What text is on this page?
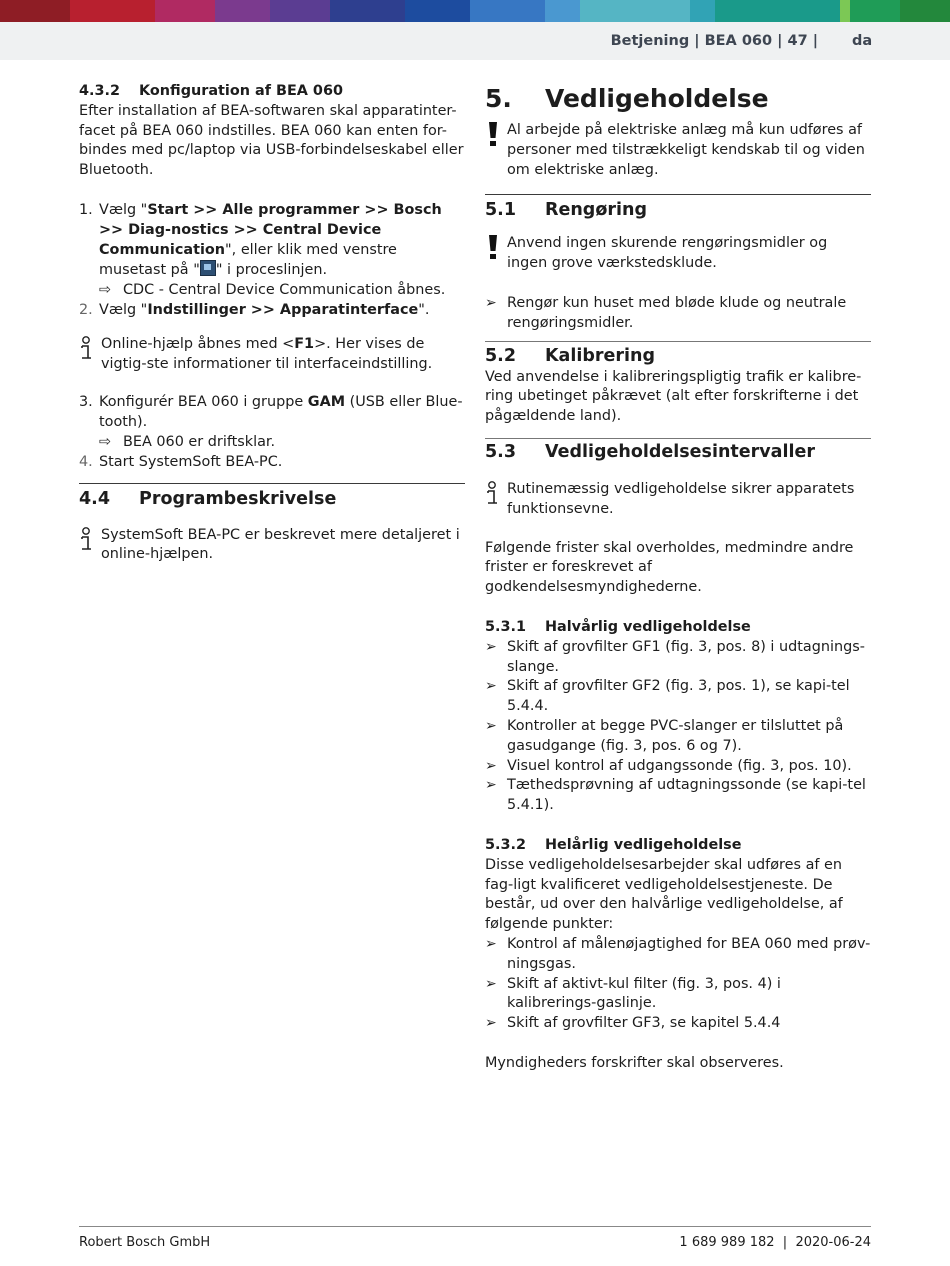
Betjening | BEA 060 | 47 | da

4.3.2 Konfiguration af BEA 060

Efter installation af BEA-softwaren skal apparatinter-facet på BEA 060 indstilles. BEA 060 kan enten for-bindes med pc/laptop via USB-forbindelseskabel eller Bluetooth.

1. Vælg "Start >> Alle programmer >> Bosch >> Diag-nostics >> Central Device Communication", eller klik med venstre musetast på " " i proceslinjen.
⇨ CDC - Central Device Communication åbnes.
2. Vælg "Indstillinger >> Apparatinterface".
Online-hjælp åbnes med <F1>. Her vises de vigtig-ste informationer til interfaceindstilling.
3. Konfigurér BEA 060 i gruppe GAM (USB eller Blue-tooth).
⇨ BEA 060 er driftsklar.
4. Start SystemSoft BEA-PC.

4.4 Programbeskrivelse

SystemSoft BEA-PC er beskrevet mere detaljeret i online-hjælpen.

5. Vedligeholdelse

Al arbejde på elektriske anlæg må kun udføres af personer med tilstrækkeligt kendskab til og viden om elektriske anlæg.

5.1 Rengøring

Anvend ingen skurende rengøringsmidler og ingen grove værkstedsklude.
➢ Rengør kun huset med bløde klude og neutrale rengøringsmidler.

5.2 Kalibrering

Ved anvendelse i kalibreringspligtig trafik er kalibre-ring ubetinget påkrævet (alt efter forskrifterne i det pågældende land).

5.3 Vedligeholdelsesintervaller

Rutinemæssig vedligeholdelse sikrer apparatets funktionsevne.

Følgende frister skal overholdes, medmindre andre frister er foreskrevet af godkendelsesmyndighederne.

5.3.1 Halvårlig vedligeholdelse

➢ Skift af grovfilter GF1 (fig. 3, pos. 8) i udtagnings-slange.
➢ Skift af grovfilter GF2 (fig. 3, pos. 1), se kapi-tel 5.4.4.
➢ Kontroller at begge PVC-slanger er tilsluttet på gasudgange (fig. 3, pos. 6 og 7).
➢ Visuel kontrol af udgangssonde (fig. 3, pos. 10).
➢ Tæthedsprøvning af udtagningssonde (se kapi-tel 5.4.1).

5.3.2 Helårlig vedligeholdelse

Disse vedligeholdelsesarbejder skal udføres af en fag-ligt kvalificeret vedligeholdelsestjeneste. De består, ud over den halvårlige vedligeholdelse, af følgende punkter:

➢ Kontrol af målenøjagtighed for BEA 060 med prøv-ningsgas.
➢ Skift af aktivt-kul filter (fig. 3, pos. 4) i kalibrerings-gaslinje.
➢ Skift af grovfilter GF3, se kapitel 5.4.4

Myndigheders forskrifter skal observeres.

Robert Bosch GmbH	1 689 989 182  |  2020-06-24
